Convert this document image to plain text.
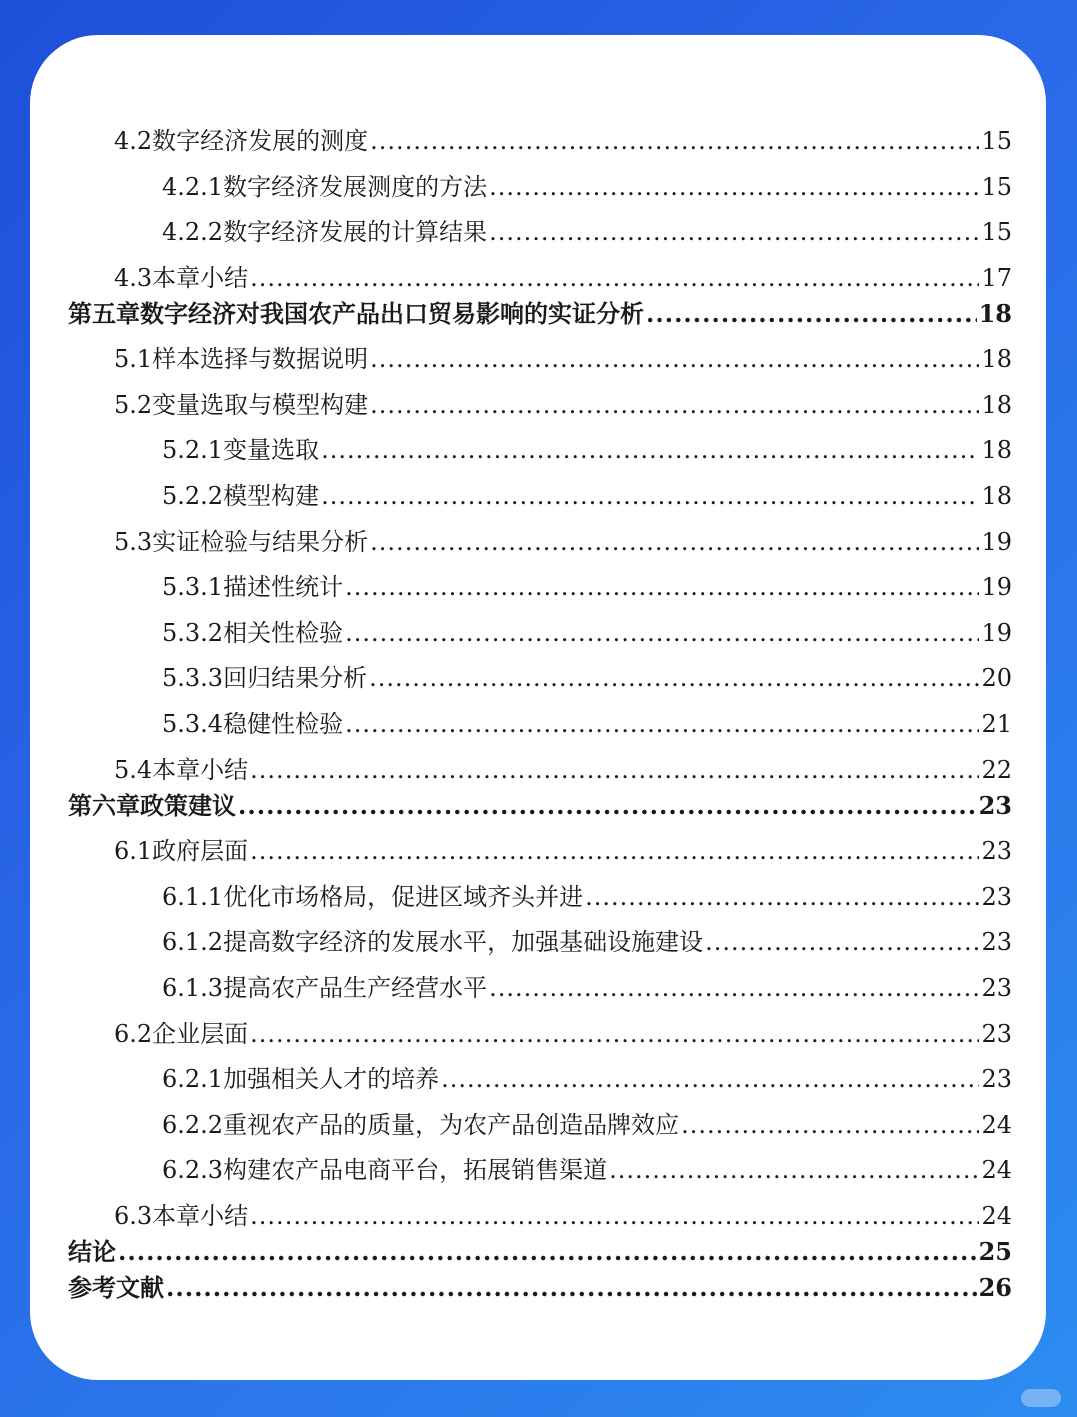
4.2数字经济发展的测度 .....	15
4.2.1数字经济发展测度的方法 .....	15
4.2.2数字经济发展的计算结果 .....	15
4.3本章小结 .....	17
第五章数字经济对我国农产品出口贸易影响的实证分析 .....	18
5.1样本选择与数据说明 .....	18
5.2变量选取与模型构建 .....	18
5.2.1变量选取 .....	18
5.2.2模型构建 .....	18
5.3实证检验与结果分析 .....	19
5.3.1描述性统计 .....	19
5.3.2相关性检验 .....	19
5.3.3回归结果分析 .....	20
5.3.4稳健性检验 .....	21
5.4本章小结 .....	22
第六章政策建议 .....	23
6.1政府层面 .....	23
6.1.1优化市场格局，促进区域齐头并进 .....	23
6.1.2提高数字经济的发展水平，加强基础设施建设 .....	23
6.1.3提高农产品生产经营水平 .....	23
6.2企业层面 .....	23
6.2.1加强相关人才的培养 .....	23
6.2.2重视农产品的质量，为农产品创造品牌效应 .....	24
6.2.3构建农产品电商平台，拓展销售渠道 .....	24
6.3本章小结 .....	24
结论 .....	25
参考文献 .....	26
